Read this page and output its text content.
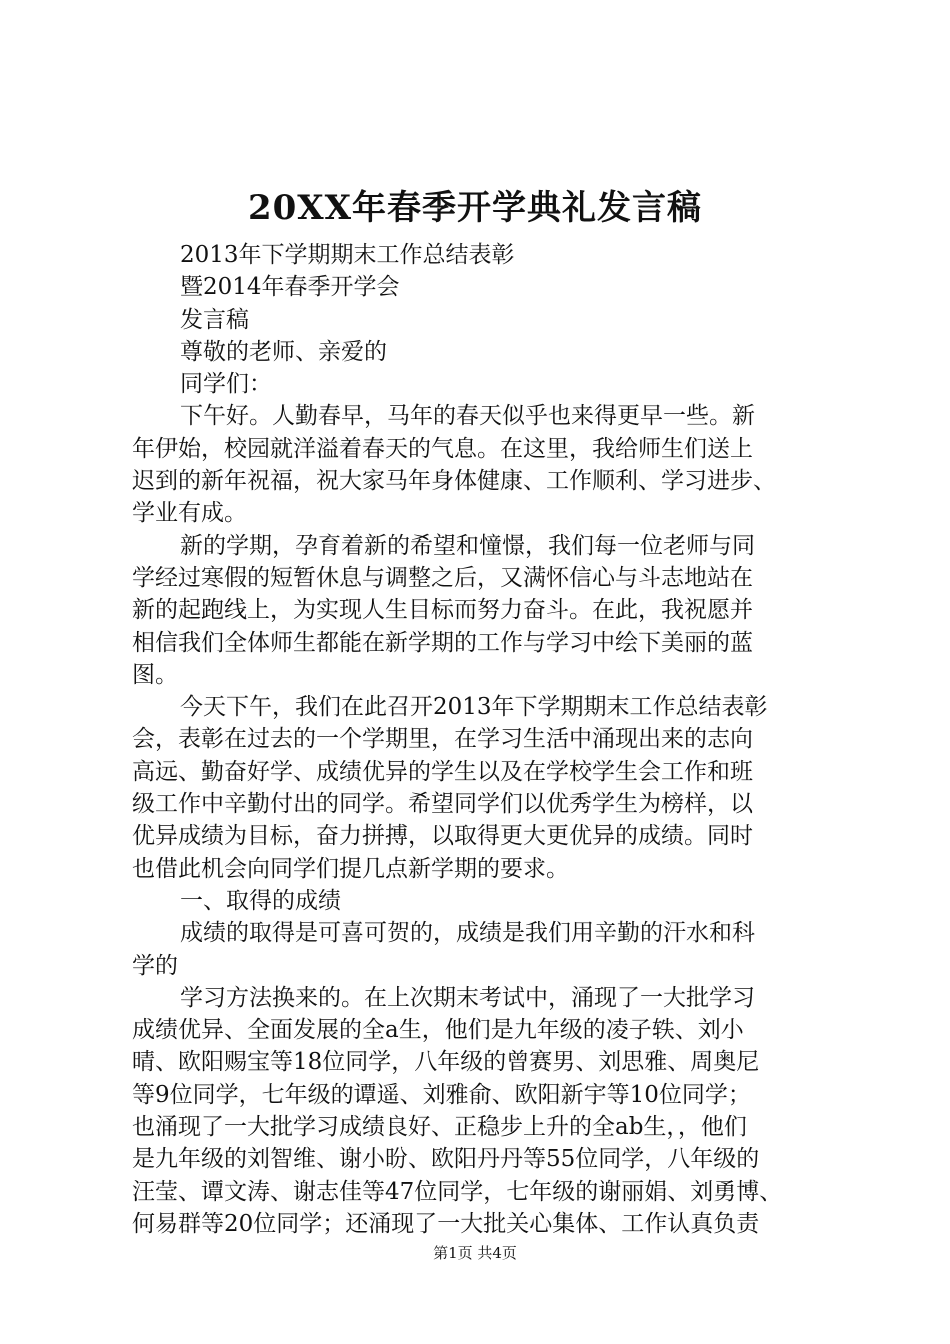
20XX年春季开学典礼发言稿
2013年下学期期末工作总结表彰
暨2014年春季开学会
发言稿
尊敬的老师、亲爱的
同学们：
下午好。人勤春早，马年的春天似乎也来得更早一些。新
年伊始，校园就洋溢着春天的气息。在这里，我给师生们送上
迟到的新年祝福，祝大家马年身体健康、工作顺利、学习进步、
学业有成。
新的学期，孕育着新的希望和憧憬，我们每一位老师与同
学经过寒假的短暂休息与调整之后，又满怀信心与斗志地站在
新的起跑线上，为实现人生目标而努力奋斗。在此，我祝愿并
相信我们全体师生都能在新学期的工作与学习中绘下美丽的蓝
图。
今天下午，我们在此召开2013年下学期期末工作总结表彰
会，表彰在过去的一个学期里，在学习生活中涌现出来的志向
高远、勤奋好学、成绩优异的学生以及在学校学生会工作和班
级工作中辛勤付出的同学。希望同学们以优秀学生为榜样，以
优异成绩为目标，奋力拼搏，以取得更大更优异的成绩。同时
也借此机会向同学们提几点新学期的要求。
一、取得的成绩
成绩的取得是可喜可贺的，成绩是我们用辛勤的汗水和科
学的
学习方法换来的。在上次期末考试中，涌现了一大批学习
成绩优异、全面发展的全a生，他们是九年级的凌子轶、刘小
晴、欧阳赐宝等18位同学，八年级的曾赛男、刘思雅、周奥尼
等9位同学，七年级的谭遥、刘雅俞、欧阳新宇等10位同学；
也涌现了一大批学习成绩良好、正稳步上升的全ab生，，他们
是九年级的刘智维、谢小昐、欧阳丹丹等55位同学，八年级的
汪莹、谭文涛、谢志佳等47位同学，七年级的谢丽娟、刘勇博、
何易群等20位同学；还涌现了一大批关心集体、工作认真负责
第1页 共4页
